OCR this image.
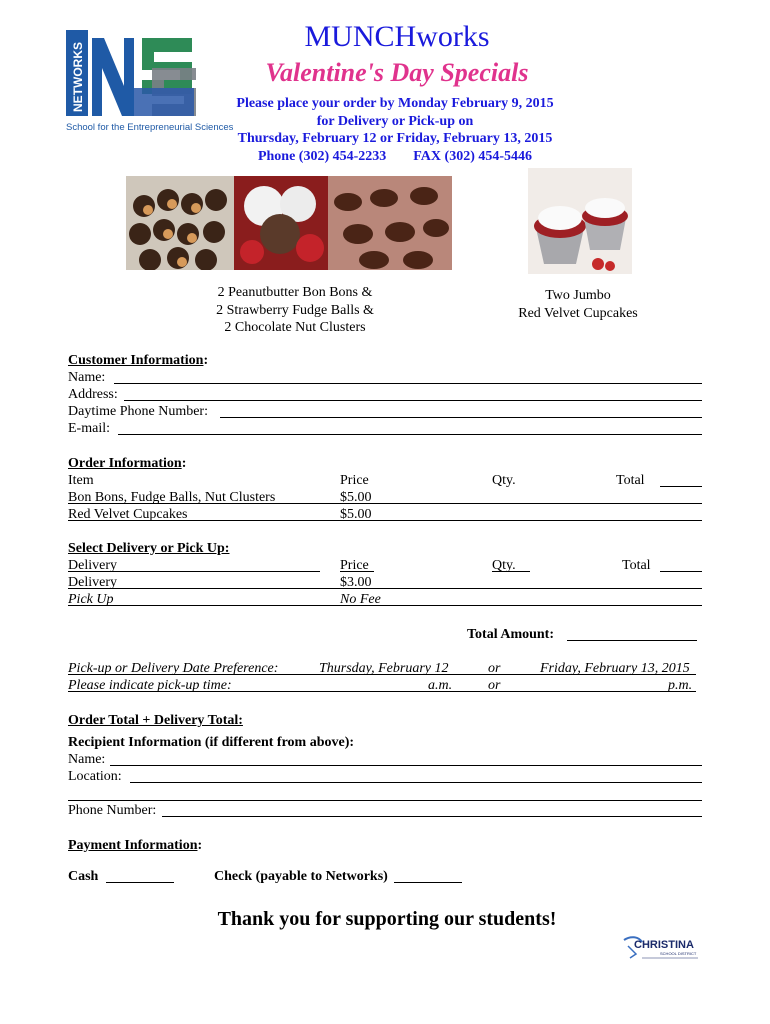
NETWORKS
School for the Entrepreneurial Sciences
MUNCHworks
Valentine's Day Specials
Please place your order by Monday February 9, 2015
for Delivery or Pick-up on
Thursday, February 12 or Friday, February 13, 2015
Phone (302) 454-2233 FAX (302) 454-5446
2 Peanutbutter Bon Bons &
2 Strawberry Fudge Balls &
2 Chocolate Nut Clusters
Two Jumbo
Red Velvet Cupcakes
Customer Information:
Name:
Address:
Daytime Phone Number:
E-mail:
Order Information:
Item	Price	Qty.	Total
Bon Bons, Fudge Balls, Nut Clusters	$5.00
Red Velvet Cupcakes	$5.00
Select Delivery or Pick Up:
Delivery	Price	Qty.	Total
Delivery	$3.00
Pick Up	No Fee
Total Amount:
Pick-up or Delivery Date Preference:	Thursday, February 12	or	Friday, February 13, 2015
Please indicate pick-up time:	a.m.	or	p.m.
Order Total + Delivery Total:
Recipient Information (if different from above):
Name:
Location:
Phone Number:
Payment Information:
Cash	Check (payable to Networks)
Thank you for supporting our students!
CHRISTINA
SCHOOL DISTRICT
